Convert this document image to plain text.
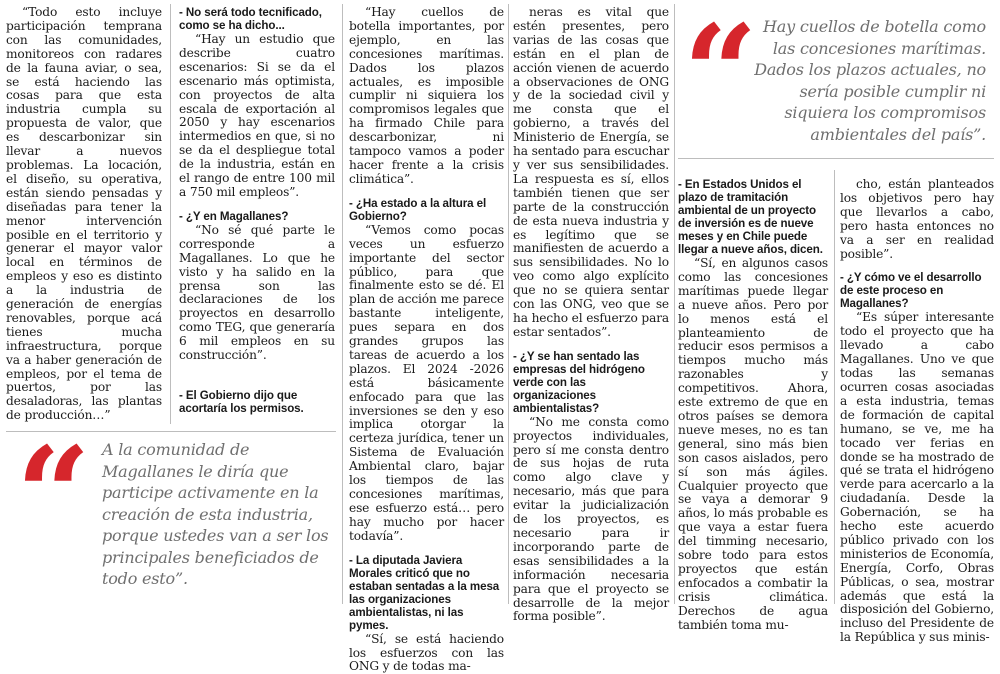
“Todo esto incluye participación temprana con las comunidades, monitoreos con radares de la fauna aviar, o sea, se está haciendo las cosas para que esta industria cumpla su propuesta de valor, que es descarbonizar sin llevar a nuevos problemas. La locación, el diseño, su operativa, están siendo pensadas y diseñadas para tener la menor intervención posible en el territorio y generar el mayor valor local en términos de empleos y eso es distinto a la industria de generación de energías renovables, porque acá tienes mucha infraestructura, porque va a haber generación de empleos, por el tema de puertos, por las desaladoras, las plantas de producción…”

“ A la comunidad de Magallanes le diría que participe activamente en la creación de esta industria, porque ustedes van a ser los principales beneficiados de todo esto”.
- No será todo tecnificado, como se ha dicho...

“Hay un estudio que describe cuatro escenarios: Si se da el escenario más optimista, con proyectos de alta escala de exportación al 2050 y hay escenarios intermedios en que, si no se da el despliegue total de la industria, están en el rango de entre 100 mil a 750 mil empleos”.

- ¿Y en Magallanes?

“No sé qué parte le corresponde a Magallanes. Lo que he visto y ha salido en la prensa son las declaraciones de los proyectos en desarrollo como TEG, que generaría 6 mil empleos en su construcción”.

- El Gobierno dijo que acortaría los permisos.

“Hay cuellos de botella importantes, por ejemplo, en las concesiones marítimas. Dados los plazos actuales, es imposible cumplir ni siquiera los compromisos legales que ha firmado Chile para descarbonizar, ni tampoco vamos a poder hacer frente a la crisis climática”.

- ¿Ha estado a la altura el Gobierno?

“Vemos como pocas veces un esfuerzo importante del sector público, para que finalmente esto se dé. El plan de acción me parece bastante inteligente, pues separa en dos grandes grupos las tareas de acuerdo a los plazos. El 2024 -2026 está básicamente enfocado para que las inversiones se den y eso implica otorgar la certeza jurídica, tener un Sistema de Evaluación Ambiental claro, bajar los tiempos de las concesiones marítimas, ese esfuerzo está… pero hay mucho por hacer todavía”.

- La diputada Javiera Morales criticó que no estaban sentadas a la mesa las organizaciones ambientalistas, ni las pymes.

“Sí, se está haciendo los esfuerzos con las ONG y de todas ma-

neras es vital que estén presentes, pero varias de las cosas que están en el plan de acción vienen de acuerdo a observaciones de ONG y de la sociedad civil y me consta que el gobierno, a través del Ministerio de Energía, se ha sentado para escuchar y ver sus sensibilidades. La respuesta es sí, ellos también tienen que ser parte de la construcción de esta nueva industria y es legítimo que se manifiesten de acuerdo a sus sensibilidades. No lo veo como algo explícito que no se quiera sentar con las ONG, veo que se ha hecho el esfuerzo para estar sentados”.

- ¿Y se han sentado las empresas del hidrógeno verde con las organizaciones ambientalistas?

“No me consta como proyectos individuales, pero sí me consta dentro de sus hojas de ruta como algo clave y necesario, más que para evitar la judicialización de los proyectos, es necesario para ir incorporando parte de esas sensibilidades a la información necesaria para que el proyecto se desarrolle de la mejor forma posible”.

“ Hay cuellos de botella como las concesiones marítimas. Dados los plazos actuales, no sería posible cumplir ni siquiera los compromisos ambientales del país”.
- En Estados Unidos el plazo de tramitación ambiental de un proyecto de inversión es de nueve meses y en Chile puede llegar a nueve años, dicen.

“Sí, en algunos casos como las concesiones marítimas puede llegar a nueve años. Pero por lo menos está el planteamiento de reducir esos permisos a tiempos mucho más razonables y competitivos. Ahora, este extremo de que en otros países se demora nueve meses, no es tan general, sino más bien son casos aislados, pero sí son más ágiles. Cualquier proyecto que se vaya a demorar 9 años, lo más probable es que vaya a estar fuera del timming necesario, sobre todo para estos proyectos que están enfocados a combatir la crisis climática. Derechos de agua también toma mu-

cho, están planteados los objetivos pero hay que llevarlos a cabo, pero hasta entonces no va a ser en realidad posible”.

- ¿Y cómo ve el desarrollo de este proceso en Magallanes?

“Es súper interesante todo el proyecto que ha llevado a cabo Magallanes. Uno ve que todas las semanas ocurren cosas asociadas a esta industria, temas de formación de capital humano, se ve, me ha tocado ver ferias en donde se ha mostrado de qué se trata el hidrógeno verde para acercarlo a la ciudadanía. Desde la Gobernación, se ha hecho este acuerdo público privado con los ministerios de Economía, Energía, Corfo, Obras Públicas, o sea, mostrar además que está la disposición del Gobierno, incluso del Presidente de la República y sus minis-
